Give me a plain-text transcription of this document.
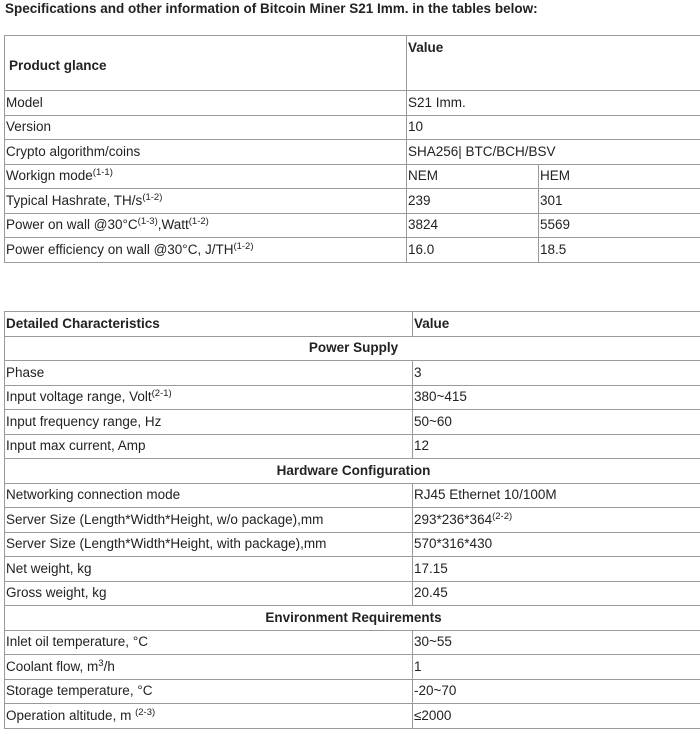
Specifications and other information of Bitcoin Miner S21 Imm. in the tables below:
Product glance	Value	
Model	S21 Imm.	
Version	10	
Crypto algorithm/coins	SHA256| BTC/BCH/BSV	
Workign mode$^{(1-1)}$	NEM	HEM
Typical Hashrate, $TH/s^{(1-2)}$	239	301
Power on wall $@30^\circ C^{(1-3)},Watt^{(1-2)}$	3824	5569
Power efficiency on wall @30°C, J/TH$^{(1-2)}$	16.0	18.5
Detailed Characteristics	Value
Power Supply	
Phase	3
Input voltage range, Volt$^{(2-1)}$	380~415
Input frequency range, Hz	50~60
Input max current, Amp	12
Hardware Configuration	
Networking connection mode	RJ45 Ethernet 10/100M
Server Size (Length*Width*Height, w/o package),mm	293*236*364$^{(2-2)}$
Server Size (Length*Width*Height, with package),mm	570*316*430
Net weight, kg	17.15
Gross weight, kg	20.45
Environment Requirements	
Inlet oil temperature, °C	30~55
Coolant flow, $m^3/h$	1
Storage temperature, °C	-20~70
Operation altitude, m $^{(2-3)}$	≤2000
